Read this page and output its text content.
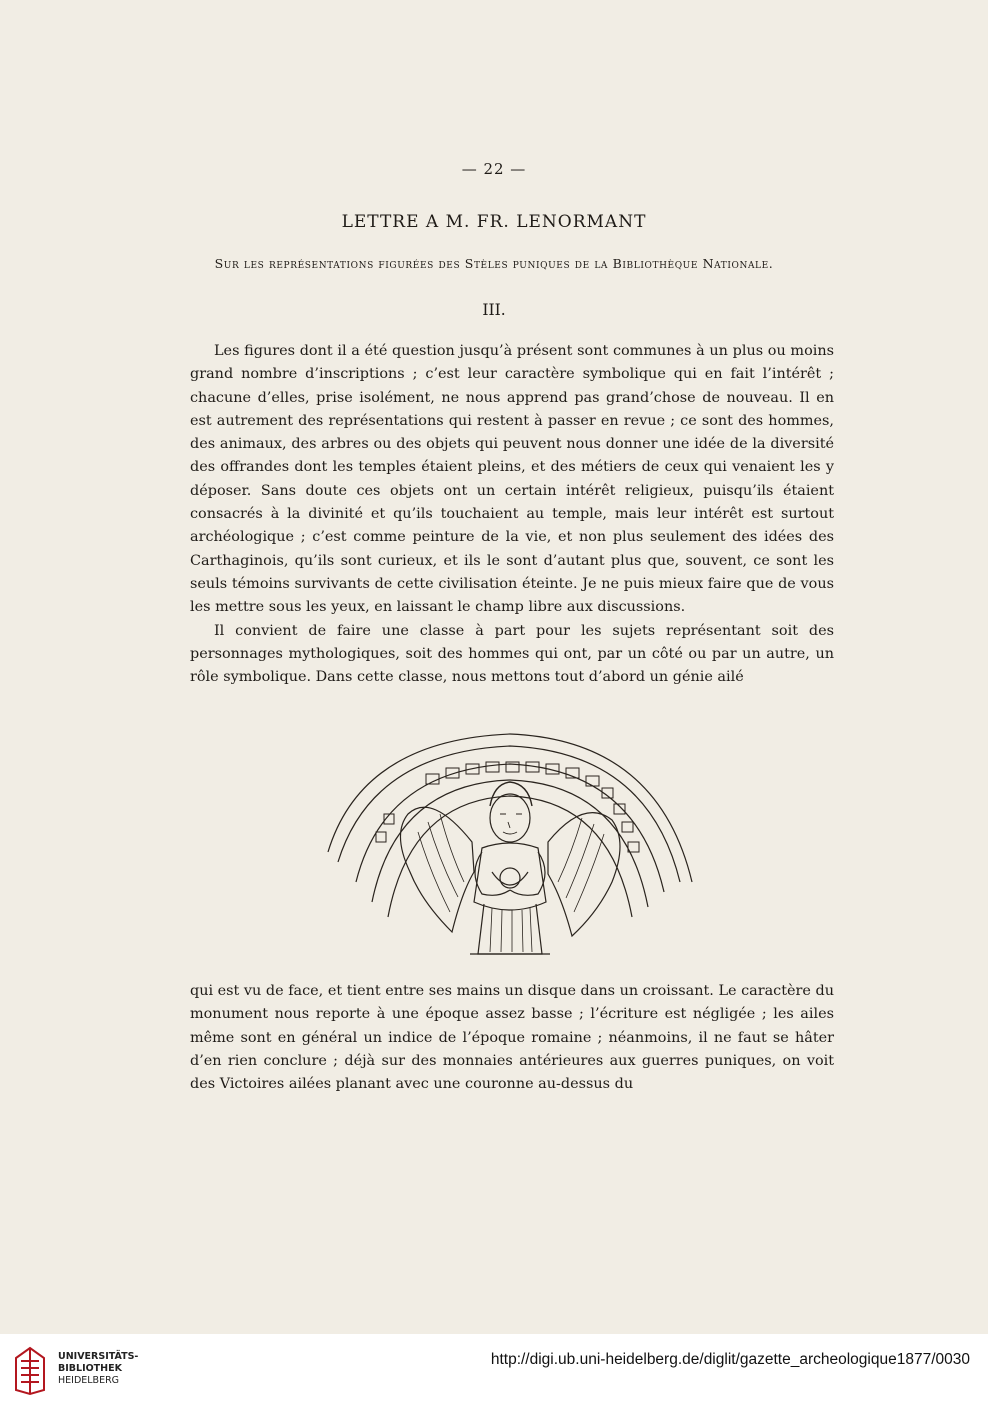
— 22 —
LETTRE A M. FR. LENORMANT
Sur les représentations figurées des Stèles puniques de la Bibliothèque Nationale.
III.

Les figures dont il a été question jusqu’à présent sont communes à un plus ou moins grand nombre d’inscriptions ; c’est leur caractère symbolique qui en fait l’intérêt ; chacune d’elles, prise isolément, ne nous apprend pas grand’chose de nouveau. Il en est autrement des représentations qui restent à passer en revue ; ce sont des hommes, des animaux, des arbres ou des objets qui peuvent nous donner une idée de la diversité des offrandes dont les temples étaient pleins, et des métiers de ceux qui venaient les y déposer. Sans doute ces objets ont un certain intérêt religieux, puisqu’ils étaient consacrés à la divinité et qu’ils touchaient au temple, mais leur intérêt est surtout archéologique ; c’est comme peinture de la vie, et non plus seulement des idées des Carthaginois, qu’ils sont curieux, et ils le sont d’autant plus que, souvent, ce sont les seuls témoins survivants de cette civilisation éteinte. Je ne puis mieux faire que de vous les mettre sous les yeux, en laissant le champ libre aux discussions.

Il convient de faire une classe à part pour les sujets représentant soit des personnages mythologiques, soit des hommes qui ont, par un côté ou par un autre, un rôle symbolique. Dans cette classe, nous mettons tout d’abord un génie ailé

qui est vu de face, et tient entre ses mains un disque dans un croissant. Le caractère du monument nous reporte à une époque assez basse ; l’écriture est négligée ; les ailes même sont en général un indice de l’époque romaine ; néanmoins, il ne faut se hâter d’en rien conclure ; déjà sur des monnaies antérieures aux guerres puniques, on voit des Victoires ailées planant avec une couronne au-dessus du

UNIVERSITÄTS-
BIBLIOTHEK
HEIDELBERG
http://digi.ub.uni-heidelberg.de/diglit/gazette_archeologique1877/0030
